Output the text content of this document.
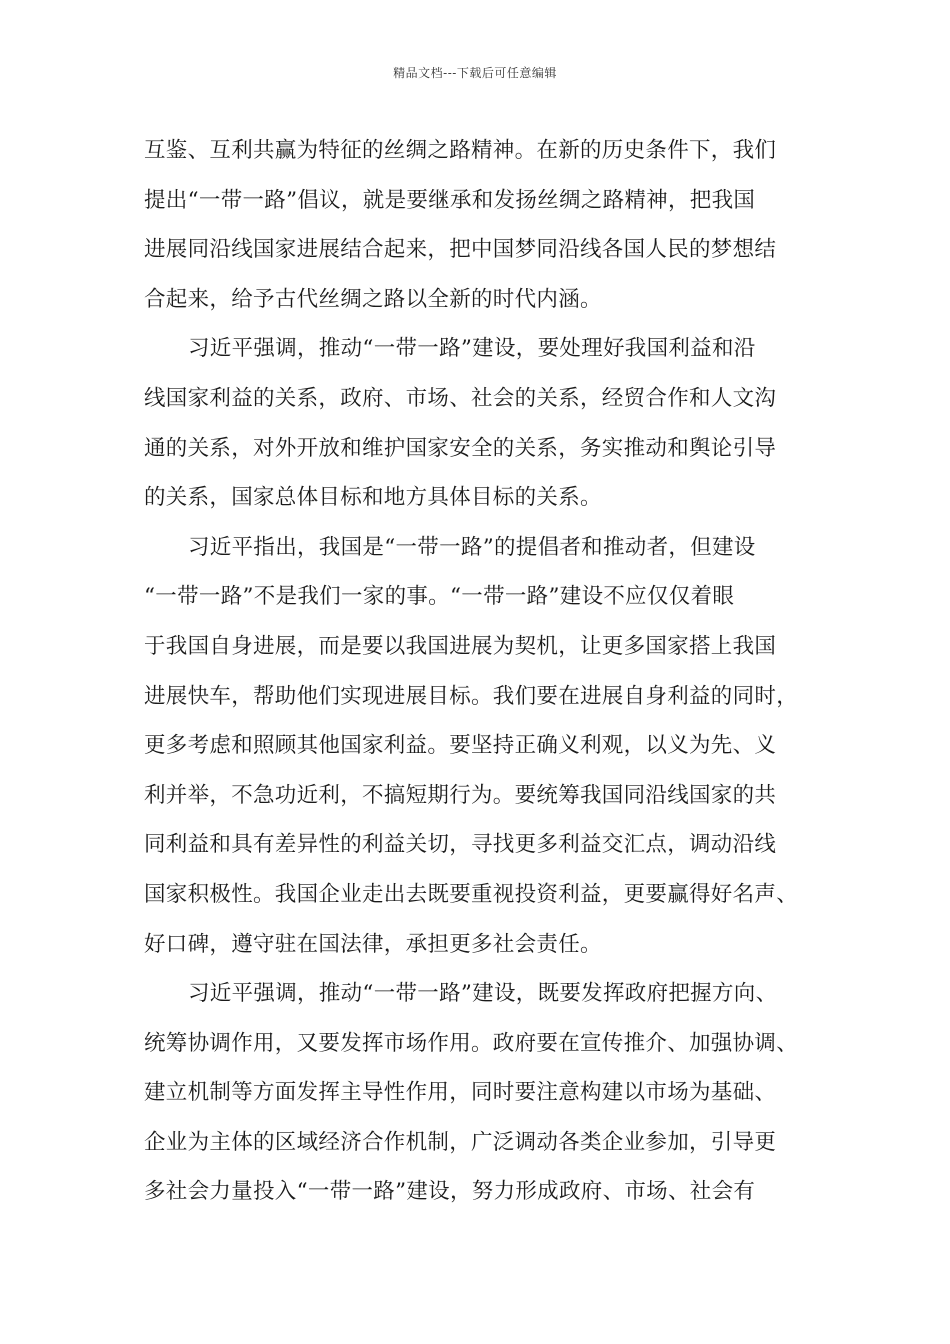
精品文档---下载后可任意编辑
互鉴、互利共赢为特征的丝绸之路精神。在新的历史条件下，我们
提出“一带一路”倡议，就是要继承和发扬丝绸之路精神，把我国
进展同沿线国家进展结合起来，把中国梦同沿线各国人民的梦想结
合起来，给予古代丝绸之路以全新的时代内涵。
习近平强调，推动“一带一路”建设，要处理好我国利益和沿
线国家利益的关系，政府、市场、社会的关系，经贸合作和人文沟
通的关系，对外开放和维护国家安全的关系，务实推动和舆论引导
的关系，国家总体目标和地方具体目标的关系。
习近平指出，我国是“一带一路”的提倡者和推动者，但建设
“一带一路”不是我们一家的事。“一带一路”建设不应仅仅着眼
于我国自身进展，而是要以我国进展为契机，让更多国家搭上我国
进展快车，帮助他们实现进展目标。我们要在进展自身利益的同时，
更多考虑和照顾其他国家利益。要坚持正确义利观，以义为先、义
利并举，不急功近利，不搞短期行为。要统筹我国同沿线国家的共
同利益和具有差异性的利益关切，寻找更多利益交汇点，调动沿线
国家积极性。我国企业走出去既要重视投资利益，更要赢得好名声、
好口碑，遵守驻在国法律，承担更多社会责任。
习近平强调，推动“一带一路”建设，既要发挥政府把握方向、
统筹协调作用，又要发挥市场作用。政府要在宣传推介、加强协调、
建立机制等方面发挥主导性作用，同时要注意构建以市场为基础、
企业为主体的区域经济合作机制，广泛调动各类企业参加，引导更
多社会力量投入“一带一路”建设，努力形成政府、市场、社会有
